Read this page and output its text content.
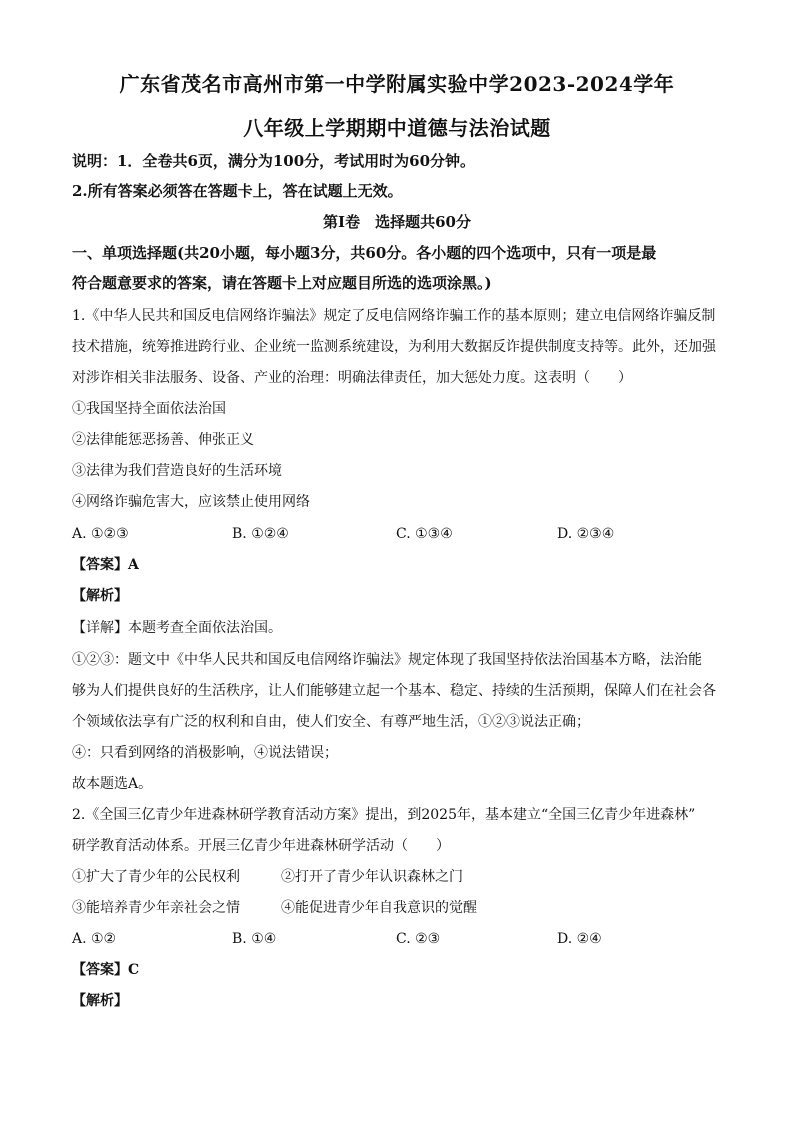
广东省茂名市高州市第一中学附属实验中学2023-2024学年
八年级上学期期中道德与法治试题
说明：1．全卷共6页，满分为100分，考试用时为60分钟。
2.所有答案必须答在答题卡上，答在试题上无效。
第Ⅰ卷　选择题共60分
一、单项选择题(共20小题，每小题3分，共60分。各小题的四个选项中，只有一项是最
符合题意要求的答案，请在答题卡上对应题目所选的选项涂黑。)
1.《中华人民共和国反电信网络诈骗法》规定了反电信网络诈骗工作的基本原则；建立电信网络诈骗反制
技术措施，统筹推进跨行业、企业统一监测系统建设，为利用大数据反诈提供制度支持等。此外，还加强
对涉诈相关非法服务、设备、产业的治理：明确法律责任，加大惩处力度。这表明（　　）
①我国坚持全面依法治国
②法律能惩恶扬善、伸张正义
③法律为我们营造良好的生活环境
④网络诈骗危害大，应该禁止使用网络
A. ①②③	B. ①②④	C. ①③④	D. ②③④
【答案】A
【解析】
【详解】本题考查全面依法治国。
①②③：题文中《中华人民共和国反电信网络诈骗法》规定体现了我国坚持依法治国基本方略，法治能
够为人们提供良好的生活秩序，让人们能够建立起一个基本、稳定、持续的生活预期，保障人们在社会各
个领域依法享有广泛的权利和自由，使人们安全、有尊严地生活，①②③说法正确；
④：只看到网络的消极影响，④说法错误；
故本题选A。
2.《全国三亿青少年进森林研学教育活动方案》提出，到2025年，基本建立“全国三亿青少年进森林”
研学教育活动体系。开展三亿青少年进森林研学活动（　　）
①扩大了青少年的公民权利	②打开了青少年认识森林之门
③能培养青少年亲社会之情	④能促进青少年自我意识的觉醒
A. ①②	B. ①④	C. ②③	D. ②④
【答案】C
【解析】
